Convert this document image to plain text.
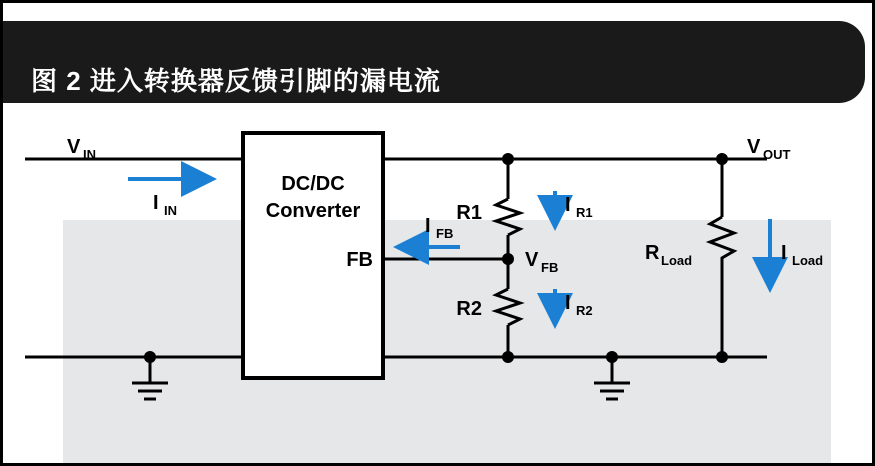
图 2 进入转换器反馈引脚的漏电流
DC/DC
Converter
FB
V IN	V OUT
V FB
I IN
I FB
I R1
I R2
I Load
R1
R2
R Load
